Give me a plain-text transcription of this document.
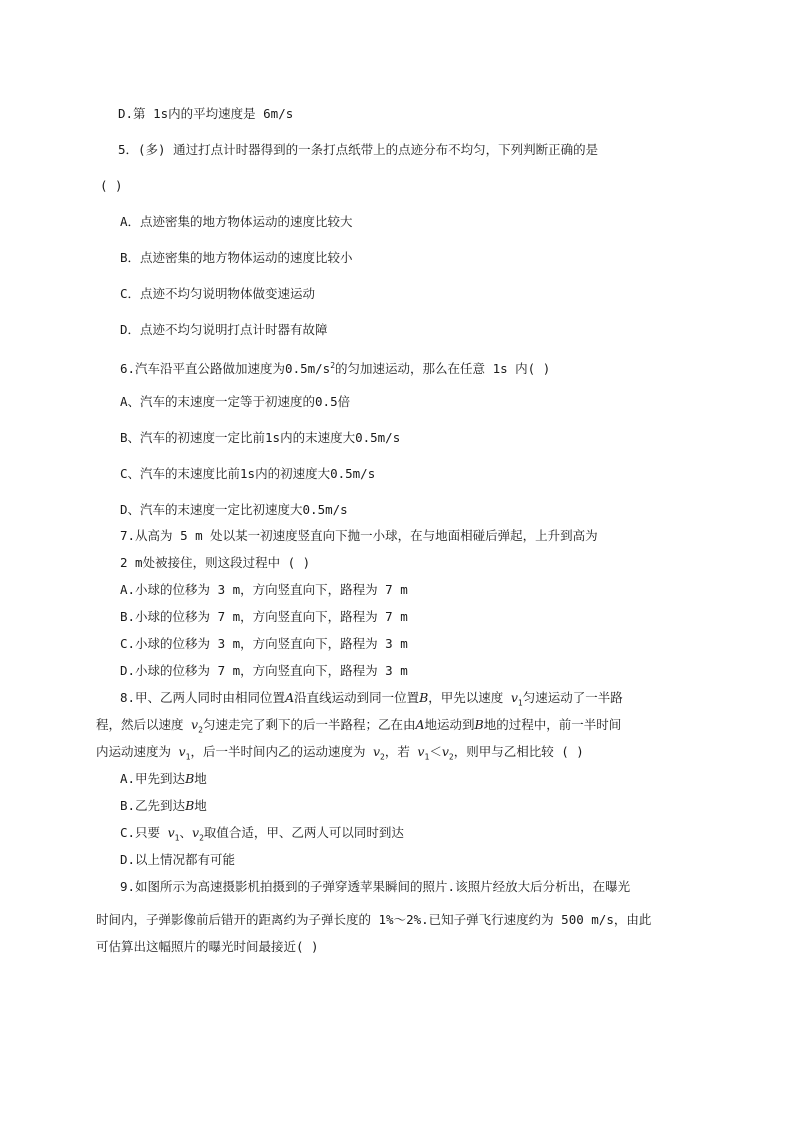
D.第 1s内的平均速度是 6m/s
5．(多) 通过打点计时器得到的一条打点纸带上的点迹分布不均匀，下列判断正确的是
( )
A．点迹密集的地方物体运动的速度比较大
B．点迹密集的地方物体运动的速度比较小
C．点迹不均匀说明物体做变速运动
D．点迹不均匀说明打点计时器有故障
6.汽车沿平直公路做加速度为$0.5m/s^2$的匀加速运动，那么在任意 1s 内( )
A、汽车的末速度一定等于初速度的0.5倍
B、汽车的初速度一定比前1s内的末速度大0.5m/s
C、汽车的末速度比前1s内的初速度大0.5m/s
D、汽车的末速度一定比初速度大0.5m/s
7.从高为 5 m 处以某一初速度竖直向下抛一小球，在与地面相碰后弹起，上升到高为
2 m处被接住，则这段过程中 ( )
A.小球的位移为 3 m，方向竖直向下，路程为 7 m
B.小球的位移为 7 m，方向竖直向下，路程为 7 m
C.小球的位移为 3 m，方向竖直向下，路程为 3 m
D.小球的位移为 7 m，方向竖直向下，路程为 3 m
8.甲、乙两人同时由相同位置A沿直线运动到同一位置B，甲先以速度 $v_1$匀速运动了一半路
程，然后以速度 $v_2$匀速走完了剩下的后一半路程；乙在由A地运动到B地的过程中，前一半时间
内运动速度为 $v_1$，后一半时间内乙的运动速度为 $v_2$，若 $v_1<v_2$，则甲与乙相比较 ( )
A.甲先到达B地
B.乙先到达B地
C.只要 $v_1$、$v_2$取值合适，甲、乙两人可以同时到达
D.以上情况都有可能
9.如图所示为高速摄影机拍摄到的子弹穿透苹果瞬间的照片.该照片经放大后分析出，在曝光
时间内，子弹影像前后错开的距离约为子弹长度的 1%～2%.已知子弹飞行速度约为 500 m/s，由此
可估算出这幅照片的曝光时间最接近( )
